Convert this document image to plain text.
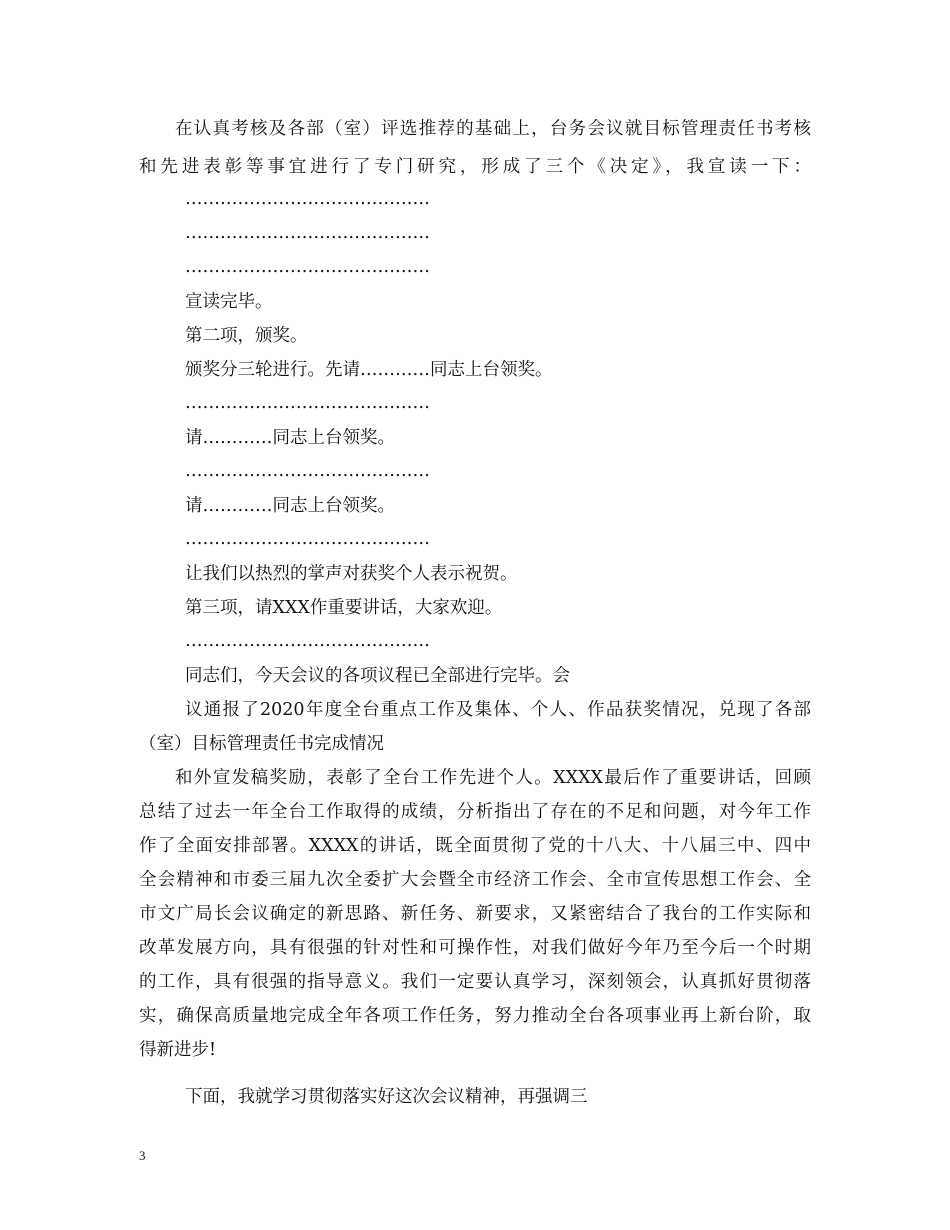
在认真考核及各部（室）评选推荐的基础上，台务会议就目标管理责任书考核
和先进表彰等事宜进行了专门研究，形成了三个《决定》，我宣读一下：
……………………………………
……………………………………
……………………………………
宣读完毕。
第二项，颁奖。
颁奖分三轮进行。先请…………同志上台领奖。
……………………………………
请…………同志上台领奖。
……………………………………
请…………同志上台领奖。
……………………………………
让我们以热烈的掌声对获奖个人表示祝贺。
第三项，请XXX作重要讲话，大家欢迎。
……………………………………
同志们，今天会议的各项议程已全部进行完毕。会
议通报了2020年度全台重点工作及集体、个人、作品获奖情况，兑现了各部
（室）目标管理责任书完成情况
和外宣发稿奖励，表彰了全台工作先进个人。XXXX最后作了重要讲话，回顾
总结了过去一年全台工作取得的成绩，分析指出了存在的不足和问题，对今年工作
作了全面安排部署。XXXX的讲话，既全面贯彻了党的十八大、十八届三中、四中
全会精神和市委三届九次全委扩大会暨全市经济工作会、全市宣传思想工作会、全
市文广局长会议确定的新思路、新任务、新要求，又紧密结合了我台的工作实际和
改革发展方向，具有很强的针对性和可操作性，对我们做好今年乃至今后一个时期
的工作，具有很强的指导意义。我们一定要认真学习，深刻领会，认真抓好贯彻落
实，确保高质量地完成全年各项工作任务，努力推动全台各项事业再上新台阶，取
得新进步!
下面，我就学习贯彻落实好这次会议精神，再强调三
3
